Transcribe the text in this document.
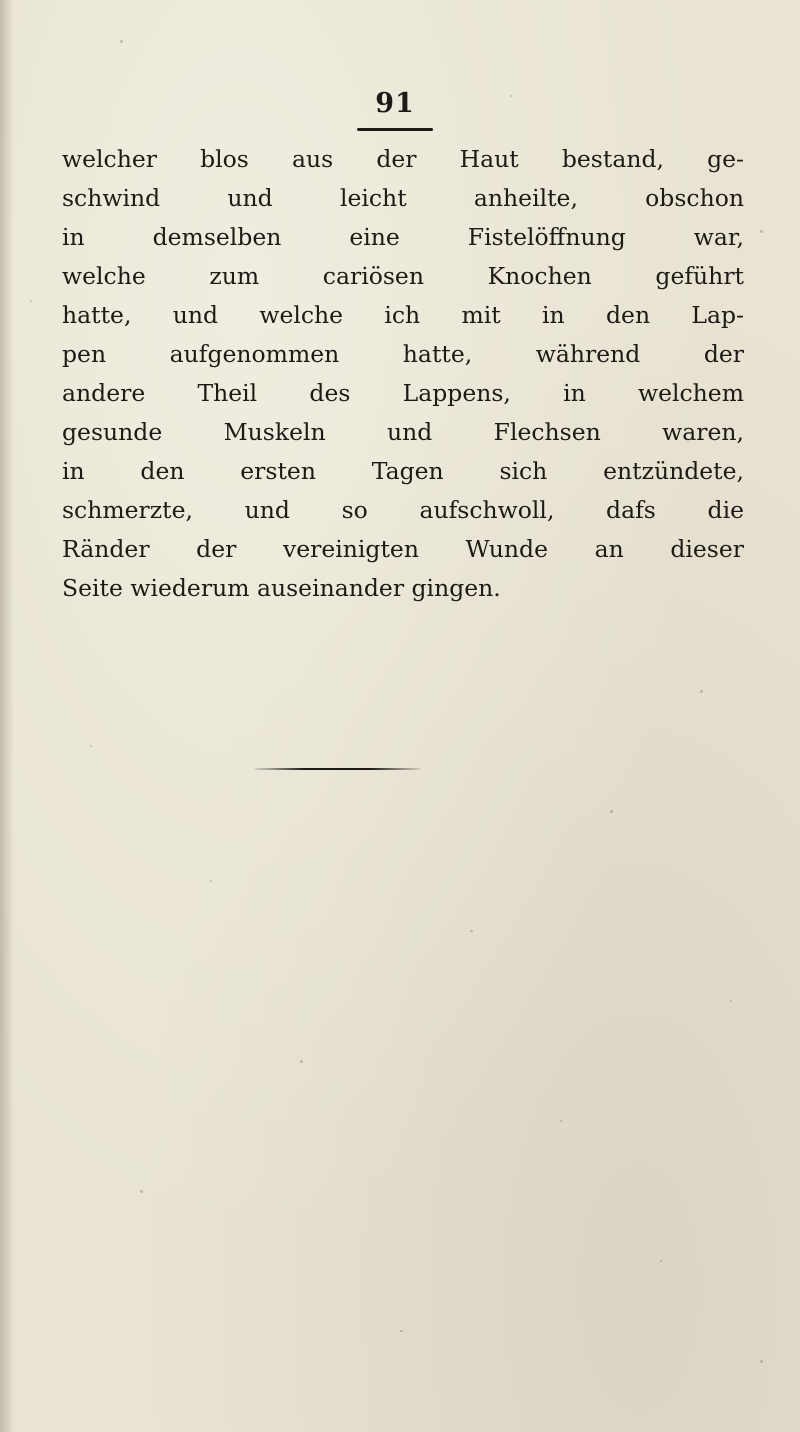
91
welcher blos aus der Haut bestand, ge-
schwind und leicht anheilte, obschon
in demselben eine Fistelöffnung war,
welche zum cariösen Knochen geführt
hatte, und welche ich mit in den Lap-
pen aufgenommen hatte, während der
andere Theil des Lappens, in welchem
gesunde Muskeln und Flechsen waren,
in den ersten Tagen sich entzündete,
schmerzte, und so aufschwoll, dafs die
Ränder der vereinigten Wunde an dieser
Seite wiederum auseinander gingen.
